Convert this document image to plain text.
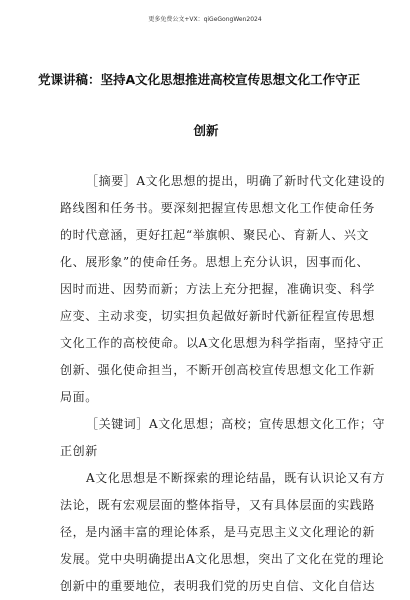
更多免费公文+VX：qiGeGongWen2024
党课讲稿：坚持A文化思想推进高校宣传思想文化工作守正
创新
［摘要］A文化思想的提出，明确了新时代文化建设的
路线图和任务书。要深刻把握宣传思想文化工作使命任务
的时代意涵，更好扛起“举旗帜、聚民心、育新人、兴文
化、展形象”的使命任务。思想上充分认识，因事而化、
因时而进、因势而新；方法上充分把握，准确识变、科学
应变、主动求变，切实担负起做好新时代新征程宣传思想
文化工作的高校使命。以A文化思想为科学指南，坚持守正
创新、强化使命担当，不断开创高校宣传思想文化工作新
局面。
［关键词］A文化思想；高校；宣传思想文化工作；守
正创新
A文化思想是不断探索的理论结晶，既有认识论又有方
法论，既有宏观层面的整体指导，又有具体层面的实践路
径，是内涵丰富的理论体系，是马克思主义文化理论的新
发展。党中央明确提出A文化思想，突出了文化在党的理论
创新中的重要地位，表明我们党的历史自信、文化自信达
